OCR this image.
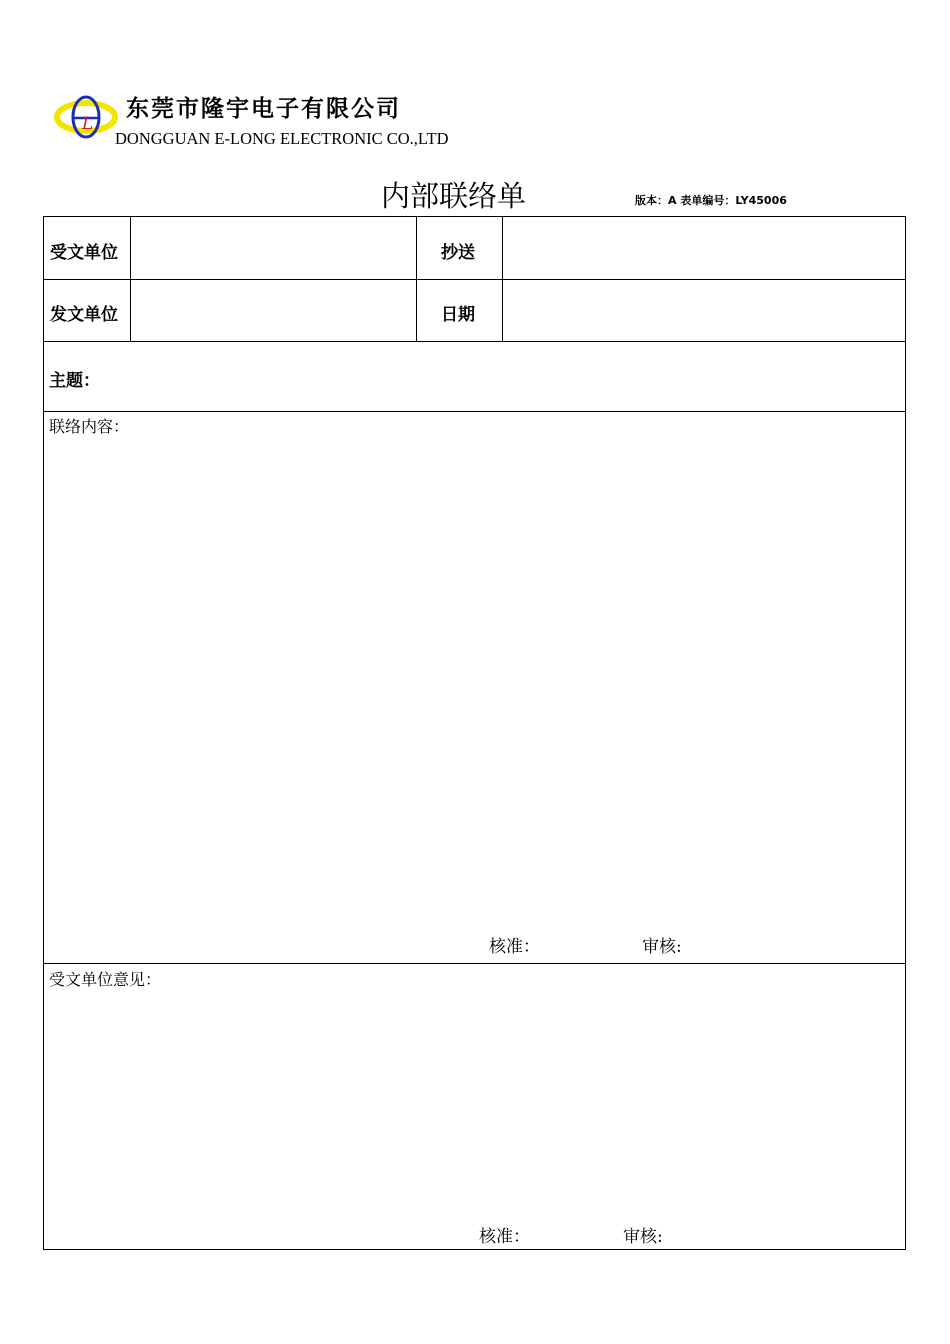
L
东莞市隆宇电子有限公司
DONGGUAN E-LONG ELECTRONIC CO.,LTD
内部联络单	版本：A 表单编号：LY45006
受文单位	抄送
发文单位	日期
主题：
联络内容：
核准：	审核:
受文单位意见：
核准：	审核:
